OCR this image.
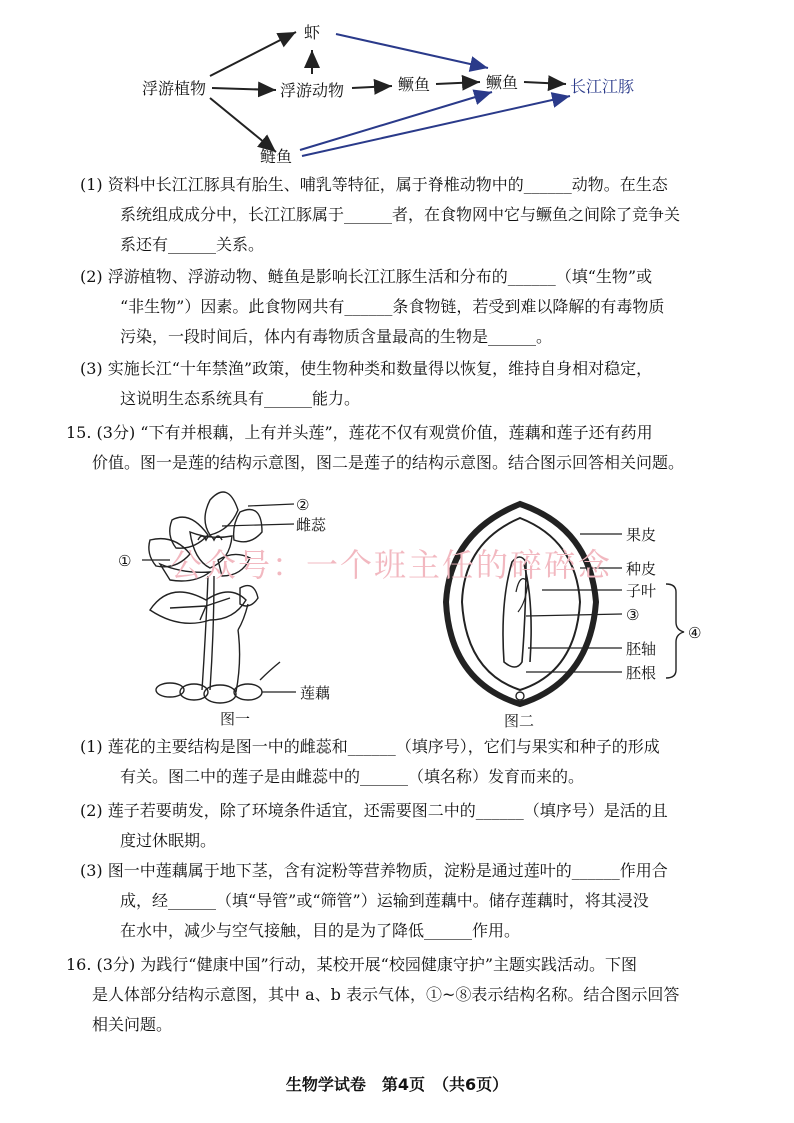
浮游植物
虾
浮游动物	鳜鱼	鳜鱼	长江江豚
鲢鱼
(1) 资料中长江江豚具有胎生、哺乳等特征，属于脊椎动物中的______动物。在生态
系统组成成分中，长江江豚属于______者，在食物网中它与鳜鱼之间除了竞争关
系还有______关系。
(2) 浮游植物、浮游动物、鲢鱼是影响长江江豚生活和分布的______（填“生物”或
“非生物”）因素。此食物网共有______条食物链，若受到难以降解的有毒物质
污染，一段时间后，体内有毒物质含量最高的生物是______。
(3) 实施长江“十年禁渔”政策，使生物种类和数量得以恢复，维持自身相对稳定，
这说明生态系统具有______能力。
15. (3分) “下有并根藕，上有并头莲”，莲花不仅有观赏价值，莲藕和莲子还有药用
价值。图一是莲的结构示意图，图二是莲子的结构示意图。结合图示回答相关问题。
②
雌蕊
①
莲藕
图一
果皮
种皮
子叶
③
胚轴
胚根
④
图二
公众号：一个班主任的碎碎念
(1) 莲花的主要结构是图一中的雌蕊和______（填序号），它们与果实和种子的形成
有关。图二中的莲子是由雌蕊中的______（填名称）发育而来的。
(2) 莲子若要萌发，除了环境条件适宜，还需要图二中的______（填序号）是活的且
度过休眠期。
(3) 图一中莲藕属于地下茎，含有淀粉等营养物质，淀粉是通过莲叶的______作用合
成，经______（填“导管”或“筛管”）运输到莲藕中。储存莲藕时，将其浸没
在水中，减少与空气接触，目的是为了降低______作用。
16. (3分) 为践行“健康中国”行动，某校开展“校园健康守护”主题实践活动。下图
是人体部分结构示意图，其中 a、b 表示气体，①~⑧表示结构名称。结合图示回答
相关问题。
生物学试卷　第4页　（共6页）
